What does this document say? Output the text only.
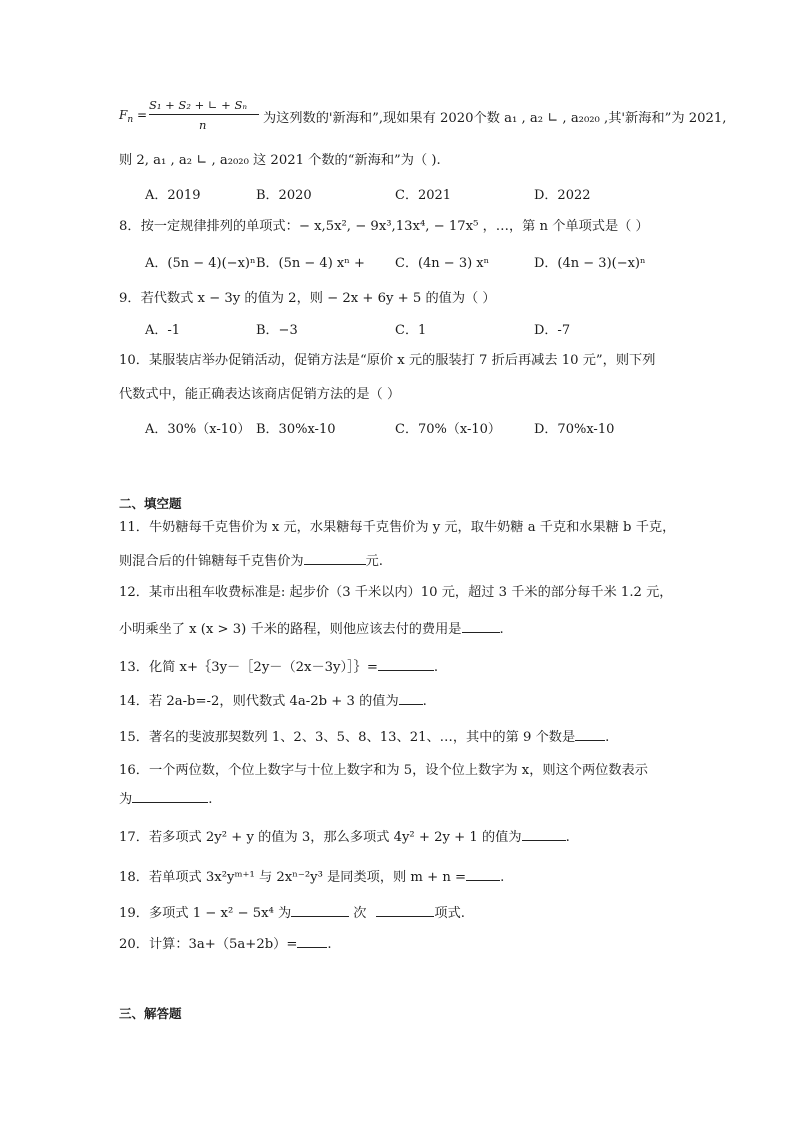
$F_n$ =
S₁ + S₂ + ∟ + Sₙ
n	为这列数的'新海和”,现如果有 2020个数 a₁ , a₂ ∟ , a₂₀₂₀ ,其'新海和”为 2021,
则 2, a₁ , a₂ ∟ , a₂₀₂₀ 这 2021 个数的“新海和”为（ ).
A．2019	B．2020	C．2021	D．2022
8．按一定规律排列的单项式：− x,5x², − 9x³,13x⁴, − 17x⁵ ，…，第 n 个单项式是（ ）
A．(5n − 4)(−x)ⁿ B．(5n − 4) xⁿ + C．(4n − 3) xⁿ	D．(4n − 3)(−x)ⁿ
9．若代数式 x − 3y 的值为 2，则 − 2x + 6y + 5 的值为（ ）
A．-1	B．−3	C．1	D．-7
10．某服装店举办促销活动，促销方法是“原价 x 元的服装打 7 折后再减去 10 元”，则下列
代数式中，能正确表达该商店促销方法的是（ ）
A．30%（x-10） B．30%x-10	C．70%（x-10）	D．70%x-10
二、填空题
11．牛奶糖每千克售价为 x 元，水果糖每千克售价为 y 元，取牛奶糖 a 千克和水果糖 b 千克，
则混合后的什锦糖每千克售价为	元.
12．某市出租车收费标准是: 起步价（3 千米以内）10 元，超过 3 千米的部分每千米 1.2 元，
小明乘坐了 x (x > 3) 千米的路程，则他应该去付的费用是	.
13．化简 x+｛3y－［2y－（2x－3y）］｝=	.
14．若 2a-b=-2，则代数式 4a-2b + 3 的值为 .
15．著名的斐波那契数列 1、2、3、5、8、13、21、…，其中的第 9 个数是 .
16．一个两位数，个位上数字与十位上数字和为 5，设个位上数字为 x，则这个两位数表示
为	.
17．若多项式 2y² + y 的值为 3，那么多项式 4y² + 2y + 1 的值为	.
18．若单项式 3x²yᵐ⁺¹ 与 2xⁿ⁻²y³ 是同类项，则 m + n =	.
19．多项式 1 − x² − 5x⁴ 为	次	项式.
20．计算：3a+（5a+2b）= .
三、解答题
